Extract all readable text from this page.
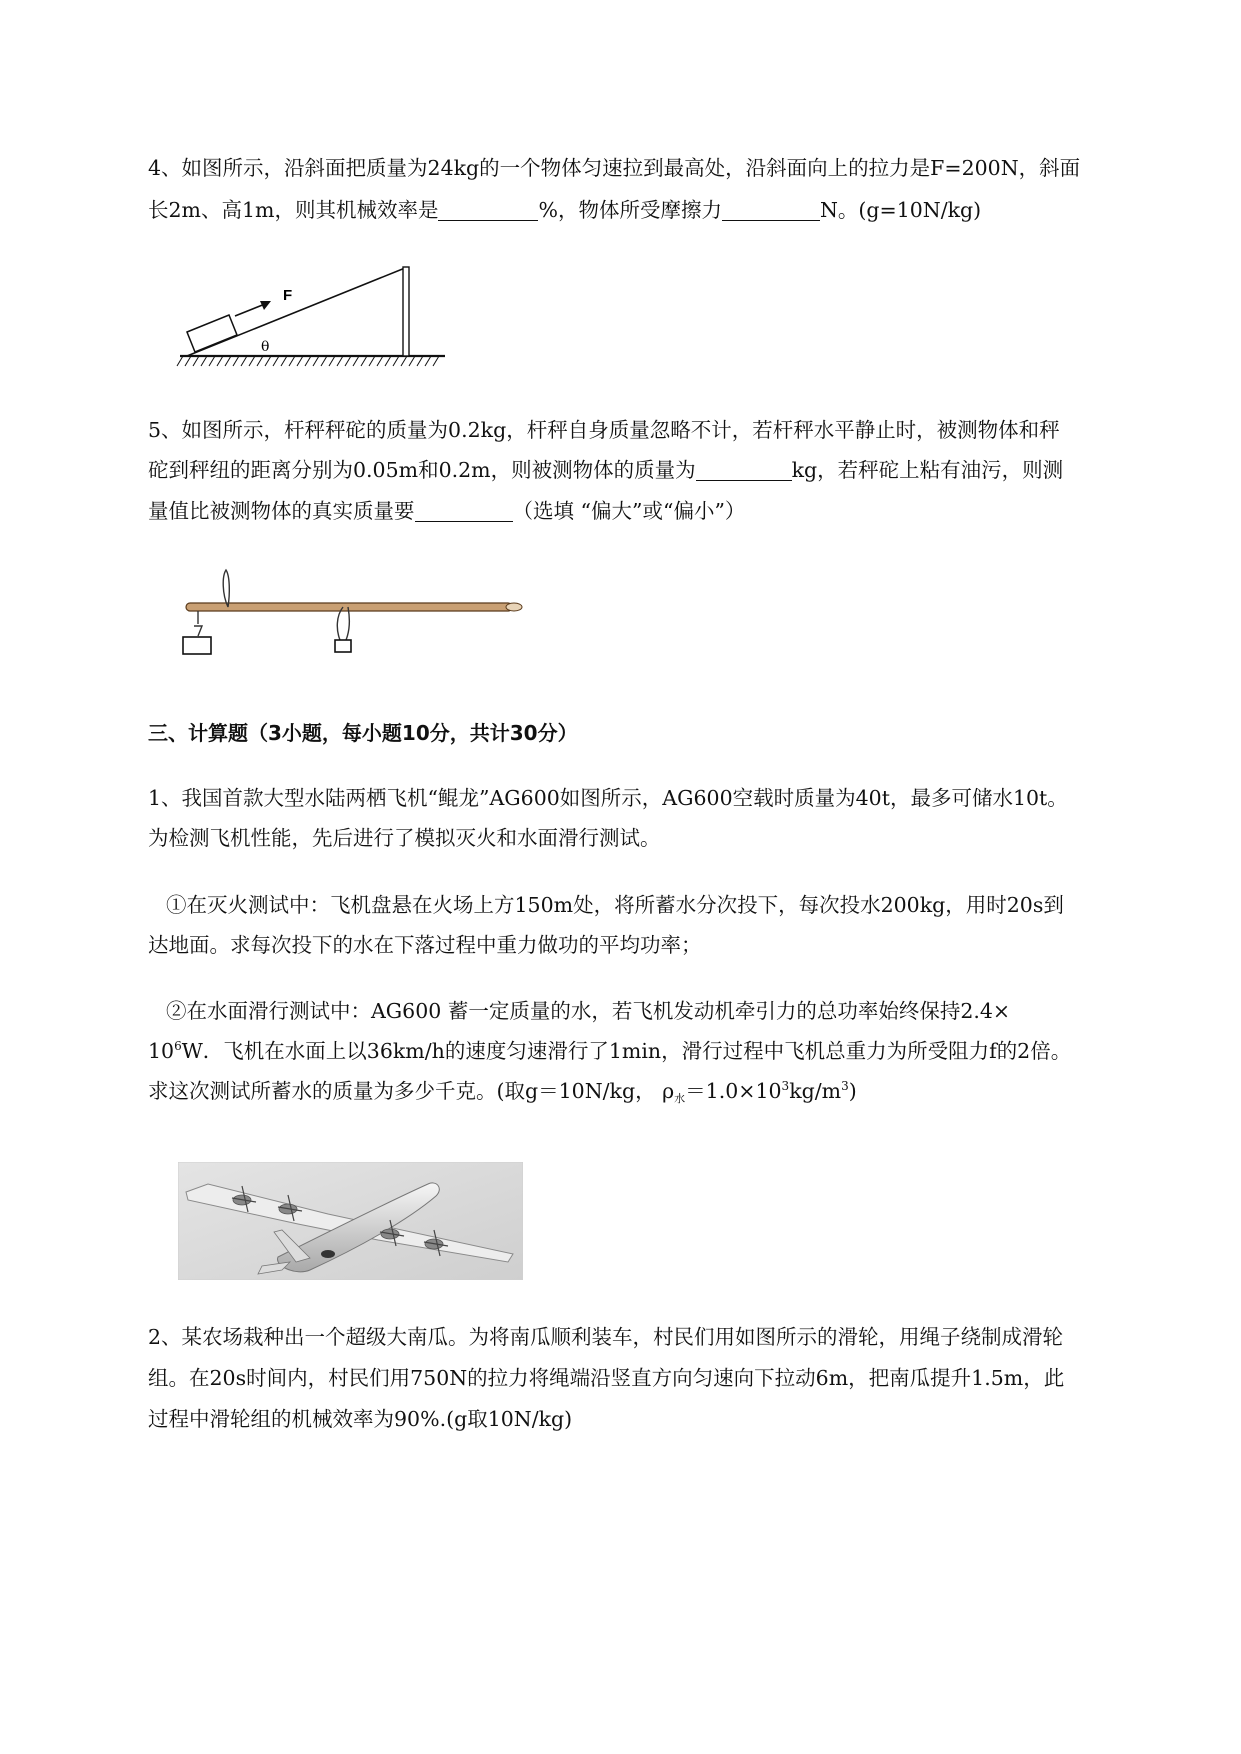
4、如图所示，沿斜面把质量为24kg的一个物体匀速拉到最高处，沿斜面向上的拉力是F=200N，斜面
长2m、高1m，则其机械效率是	%，物体所受摩擦力	N。(g=10N/kg)
F
θ
5、如图所示，杆秤秤砣的质量为0.2kg，杆秤自身质量忽略不计，若杆秤水平静止时，被测物体和秤
砣到秤纽的距离分别为0.05m和0.2m，则被测物体的质量为	kg，若秤砣上粘有油污，则测
量值比被测物体的真实质量要	（选填 “偏大”或“偏小”）
三、计算题（3小题，每小题10分，共计30分）
1、我国首款大型水陆两栖飞机“鲲龙”AG600如图所示，AG600空载时质量为40t，最多可储水10t。
为检测飞机性能，先后进行了模拟灭火和水面滑行测试。
①在灭火测试中：飞机盘悬在火场上方150m处，将所蓄水分次投下，每次投水200kg，用时20s到
达地面。求每次投下的水在下落过程中重力做功的平均功率；
②在水面滑行测试中：AG600 蓄一定质量的水，若飞机发动机牵引力的总功率始终保持2.4×
$10^6W$．飞机在水面上以36km/h的速度匀速滑行了1min，滑行过程中飞机总重力为所受阻力f的2倍。
求这次测试所蓄水的质量为多少千克。(取g＝10N/kg， $\rho_水=1.0\times 10^3kg/m^3$)
2、某农场栽种出一个超级大南瓜。为将南瓜顺利装车，村民们用如图所示的滑轮，用绳子绕制成滑轮
组。在20s时间内，村民们用750N的拉力将绳端沿竖直方向匀速向下拉动6m，把南瓜提升1.5m，此
过程中滑轮组的机械效率为90%.(g取10N/kg)
